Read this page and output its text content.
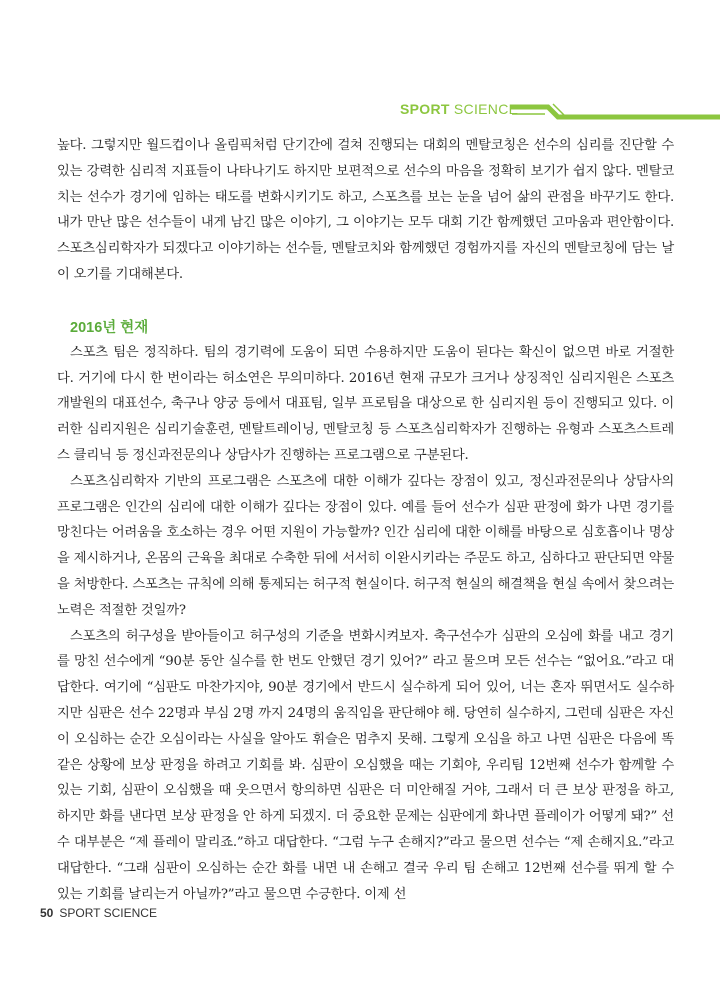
SPORT SCIENCE

높다. 그렇지만 월드컵이나 올림픽처럼 단기간에 걸쳐 진행되는 대회의 멘탈코칭은 선수의 심리를 진단할 수 있는 강력한 심리적 지표들이 나타나기도 하지만 보편적으로 선수의 마음을 정확히 보기가 쉽지 않다. 멘탈코치는 선수가 경기에 임하는 태도를 변화시키기도 하고, 스포츠를 보는 눈을 넘어 삶의 관점을 바꾸기도 한다. 내가 만난 많은 선수들이 내게 남긴 많은 이야기, 그 이야기는 모두 대회 기간 함께했던 고마움과 편안함이다. 스포츠심리학자가 되겠다고 이야기하는 선수들, 멘탈코치와 함께했던 경험까지를 자신의 멘탈코칭에 담는 날이 오기를 기대해본다.

2016년 현재

스포츠 팀은 정직하다. 팀의 경기력에 도움이 되면 수용하지만 도움이 된다는 확신이 없으면 바로 거절한다. 거기에 다시 한 번이라는 허소연은 무의미하다. 2016년 현재 규모가 크거나 상징적인 심리지원은 스포츠개발원의 대표선수, 축구나 양궁 등에서 대표팀, 일부 프로팀을 대상으로 한 심리지원 등이 진행되고 있다. 이러한 심리지원은 심리기술훈련, 멘탈트레이닝, 멘탈코칭 등 스포츠심리학자가 진행하는 유형과 스포츠스트레스 클리닉 등 정신과전문의나 상담사가 진행하는 프로그램으로 구분된다.

스포츠심리학자 기반의 프로그램은 스포츠에 대한 이해가 깊다는 장점이 있고, 정신과전문의나 상담사의 프로그램은 인간의 심리에 대한 이해가 깊다는 장점이 있다. 예를 들어 선수가 심판 판정에 화가 나면 경기를 망친다는 어려움을 호소하는 경우 어떤 지원이 가능할까? 인간 심리에 대한 이해를 바탕으로 심호흡이나 명상을 제시하거나, 온몸의 근육을 최대로 수축한 뒤에 서서히 이완시키라는 주문도 하고, 심하다고 판단되면 약물을 처방한다. 스포츠는 규칙에 의해 통제되는 허구적 현실이다. 허구적 현실의 해결책을 현실 속에서 찾으려는 노력은 적절한 것일까?

스포츠의 허구성을 받아들이고 허구성의 기준을 변화시켜보자. 축구선수가 심판의 오심에 화를 내고 경기를 망친 선수에게 “90분 동안 실수를 한 번도 안했던 경기 있어?” 라고 물으며 모든 선수는 “없어요.”라고 대답한다. 여기에 “심판도 마찬가지야, 90분 경기에서 반드시 실수하게 되어 있어, 너는 혼자 뛰면서도 실수하지만 심판은 선수 22명과 부심 2명 까지 24명의 움직임을 판단해야 해. 당연히 실수하지, 그런데 심판은 자신이 오심하는 순간 오심이라는 사실을 알아도 휘슬은 멈추지 못해. 그렇게 오심을 하고 나면 심판은 다음에 똑 같은 상황에 보상 판정을 하려고 기회를 봐. 심판이 오심했을 때는 기회야, 우리팀 12번째 선수가 함께할 수 있는 기회, 심판이 오심했을 때 웃으면서 항의하면 심판은 더 미안해질 거야, 그래서 더 큰 보상 판정을 하고, 하지만 화를 낸다면 보상 판정을 안 하게 되겠지. 더 중요한 문제는 심판에게 화나면 플레이가 어떻게 돼?” 선수 대부분은 “제 플레이 말리죠.”하고 대답한다. “그럼 누구 손해지?”라고 물으면 선수는 “제 손해지요.”라고 대답한다. “그래 심판이 오심하는 순간 화를 내면 내 손해고 결국 우리 팀 손해고 12번째 선수를 뛰게 할 수 있는 기회를 날리는거 아닐까?”라고 물으면 수긍한다. 이제 선

50 SPORT SCIENCE
